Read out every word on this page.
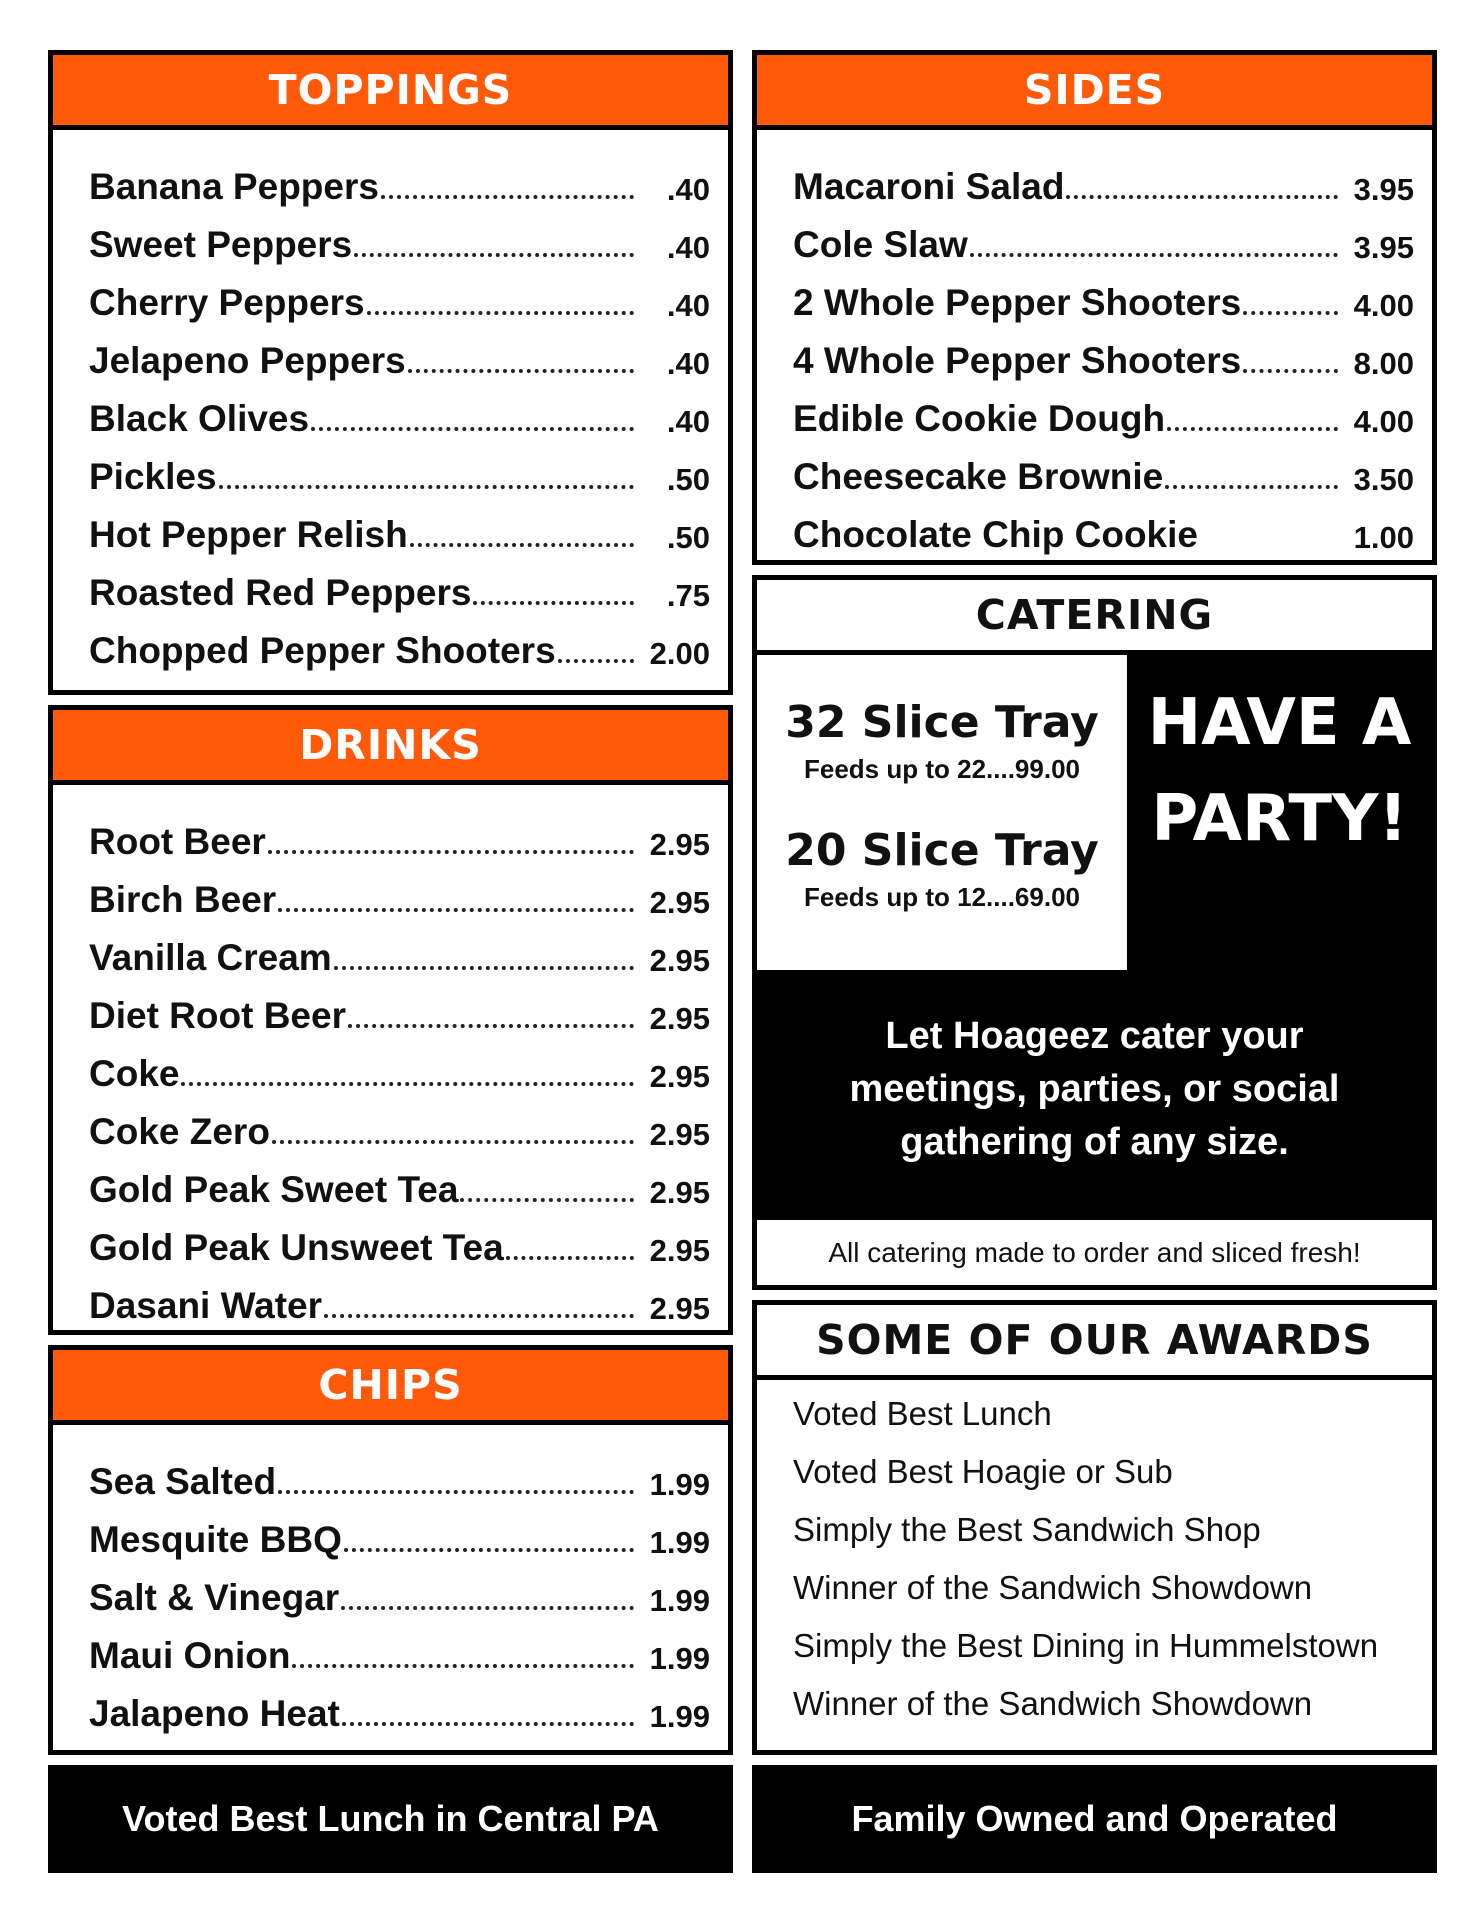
TOPPINGS
Banana Peppers	.40
Sweet Peppers	.40
Cherry Peppers	.40
Jelapeno Peppers	.40
Black Olives	.40
Pickles	.50
Hot Pepper Relish	.50
Roasted Red Peppers	.75
Chopped Pepper Shooters	2.00
DRINKS
Root Beer	2.95
Birch Beer	2.95
Vanilla Cream	2.95
Diet Root Beer	2.95
Coke	2.95
Coke Zero	2.95
Gold Peak Sweet Tea	2.95
Gold Peak Unsweet Tea	2.95
Dasani Water	2.95
CHIPS
Sea Salted	1.99
Mesquite BBQ	1.99
Salt & Vinegar	1.99
Maui Onion	1.99
Jalapeno Heat	1.99
SIDES
Macaroni Salad	3.95
Cole Slaw	3.95
2 Whole Pepper Shooters	4.00
4 Whole Pepper Shooters	8.00
Edible Cookie Dough	4.00
Cheesecake Brownie	3.50
Chocolate Chip Cookie	1.00
CATERING
32 Slice Tray
Feeds up to 22....99.00
20 Slice Tray
Feeds up to 12....69.00
HAVE A
PARTY!
Let Hoageez cater your meetings, parties, or social gathering of any size.
All catering made to order and sliced fresh!
SOME OF OUR AWARDS
Voted Best Lunch
Voted Best Hoagie or Sub
Simply the Best Sandwich Shop
Winner of the Sandwich Showdown
Simply the Best Dining in Hummelstown
Winner of the Sandwich Showdown
Voted Best Lunch in Central PA	Family Owned and Operated
